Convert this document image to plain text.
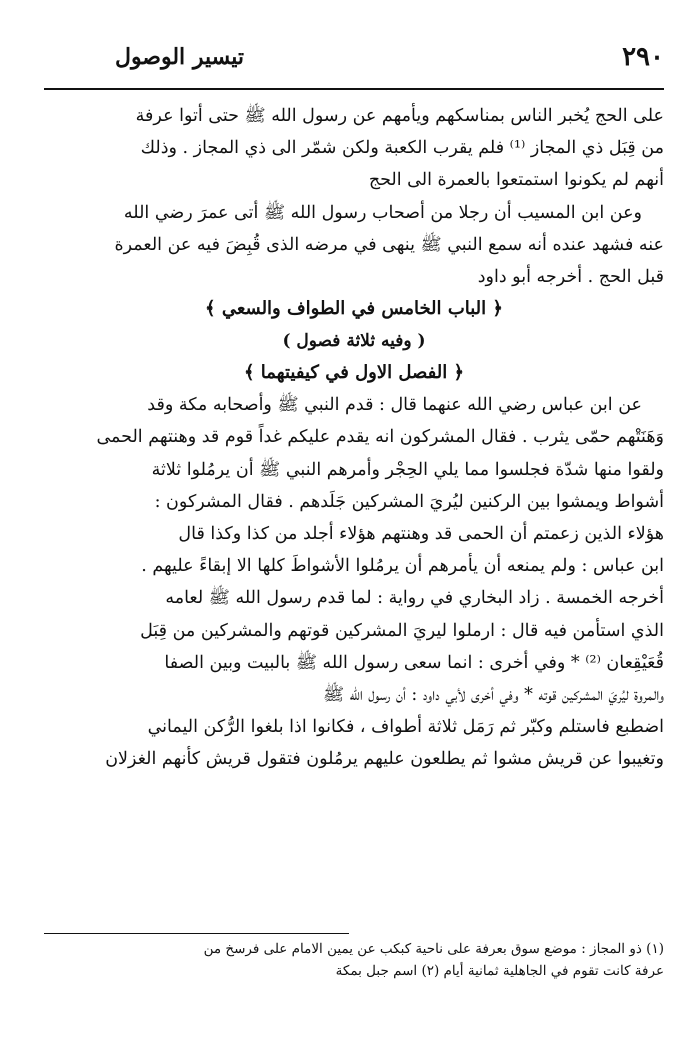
٢٩٠
تيسير الوصول
على الحج يُخبر الناس بمناسكهم ويأمهم عن رسول الله ﷺ حتى أتوا عرفة
من قِبَل ذي المجاز ⁽¹⁾ فلم يقرب الكعبة ولكن شمّر الى ذي المجاز . وذلك
أنهم لم يكونوا استمتعوا بالعمرة الى الحج
وعن ابن المسيب أن رجلا من أصحاب رسول الله ﷺ أتى عمرَ رضي الله
عنه فشهد عنده أنه سمع النبي ﷺ ينهى في مرضه الذى قُبِضَ فيه عن العمرة
قبل الحج . أخرجه أبو داود
﴿ الباب الخامس في الطواف والسعي ﴾
( وفيه ثلاثة فصول )
﴿ الفصل الاول في كيفيتهما ﴾
عن ابن عباس رضي الله عنهما قال : قدم النبي ﷺ وأصحابه مكة وقد
وَهَنَتْهم حمّى يثرب . فقال المشركون انه يقدم عليكم غداً قوم قد وهنتهم الحمى
ولقوا منها شدّة فجلسوا مما يلي الحِجْر وأمرهم النبي ﷺ أن يرمُلوا ثلاثة
أشواط ويمشوا بين الركنين ليُريَ المشركين جَلَدهم . فقال المشركون :
هؤلاء الذين زعمتم أن الحمى قد وهنتهم هؤلاء أجلد من كذا وكذا قال
ابن عباس : ولم يمنعه أن يأمرهم أن يرمُلوا الأشواطَ كلها الا إبقاءً عليهم .
أخرجه الخمسة . زاد البخاري في رواية : لما قدم رسول الله ﷺ لعامه
الذي استأمن فيه قال : ارملوا ليريَ المشركين قوتهم والمشركين من قِبَل
قُعَيْقِعان ⁽²⁾ * وفي أخرى : انما سعى رسول الله ﷺ بالبيت وبين الصفا
والمروة ليُريَ المشركين قوته * وفي أخرى لأبي داود : أن رسول الله ﷺ
اضطبع فاستلم وكبّر ثم رَمَل ثلاثة أطواف ، فكانوا اذا بلغوا الرُّكن اليماني
وتغيبوا عن قريش مشوا ثم يطلعون عليهم يرمُلون فتقول قريش كأنهم الغزلان
(١) ذو المجاز : موضع سوق بعرفة على ناحية كبكب عن يمين الامام على فرسخ من
عرفة كانت تقوم في الجاهلية ثمانية أيام (٢) اسم جبل بمكة
